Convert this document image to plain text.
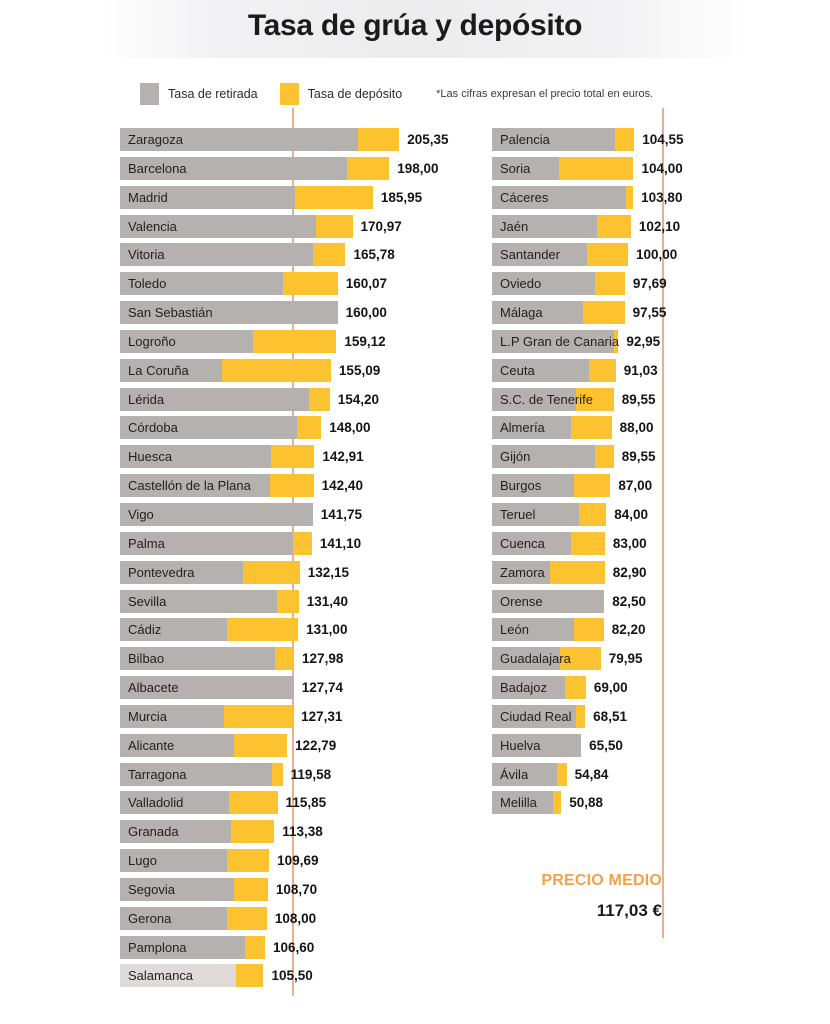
Tasa de grúa y depósito
Tasa de retirada	Tasa de depósito	*Las cifras expresan el precio total en euros.
Zaragoza	205,35
Barcelona	198,00
Madrid	185,95
Valencia	170,97
Vitoria	165,78
Toledo	160,07
San Sebastián	160,00
Logroño	159,12
La Coruña	155,09
Lérida	154,20
Córdoba	148,00
Huesca	142,91
Castellón de la Plana	142,40
Vigo	141,75
Palma	141,10
Pontevedra	132,15
Sevilla	131,40
Cádiz	131,00
Bilbao	127,98
Albacete	127,74
Murcia	127,31
Alicante	122,79
Tarragona	119,58
Valladolid	115,85
Granada	113,38
Lugo	109,69
Segovia	108,70
Gerona	108,00
Pamplona	106,60
Salamanca	105,50
Palencia	104,55
Soria	104,00
Cáceres	103,80
Jaén	102,10
Santander	100,00
Oviedo	97,69
Málaga	97,55
L.P Gran de Canaria 92,95
Ceuta	91,03
S.C. de Tenerife 89,55
Almería	88,00
Gijón	89,55
Burgos	87,00
Teruel	84,00
Cuenca	83,00
Zamora	82,90
Orense	82,50
León	82,20
Guadalajara	79,95
Badajoz	69,00
Ciudad Real 68,51
Huelva	65,50
Ávila	54,84
Melilla 50,88
PRECIO MEDIO
117,03 €
